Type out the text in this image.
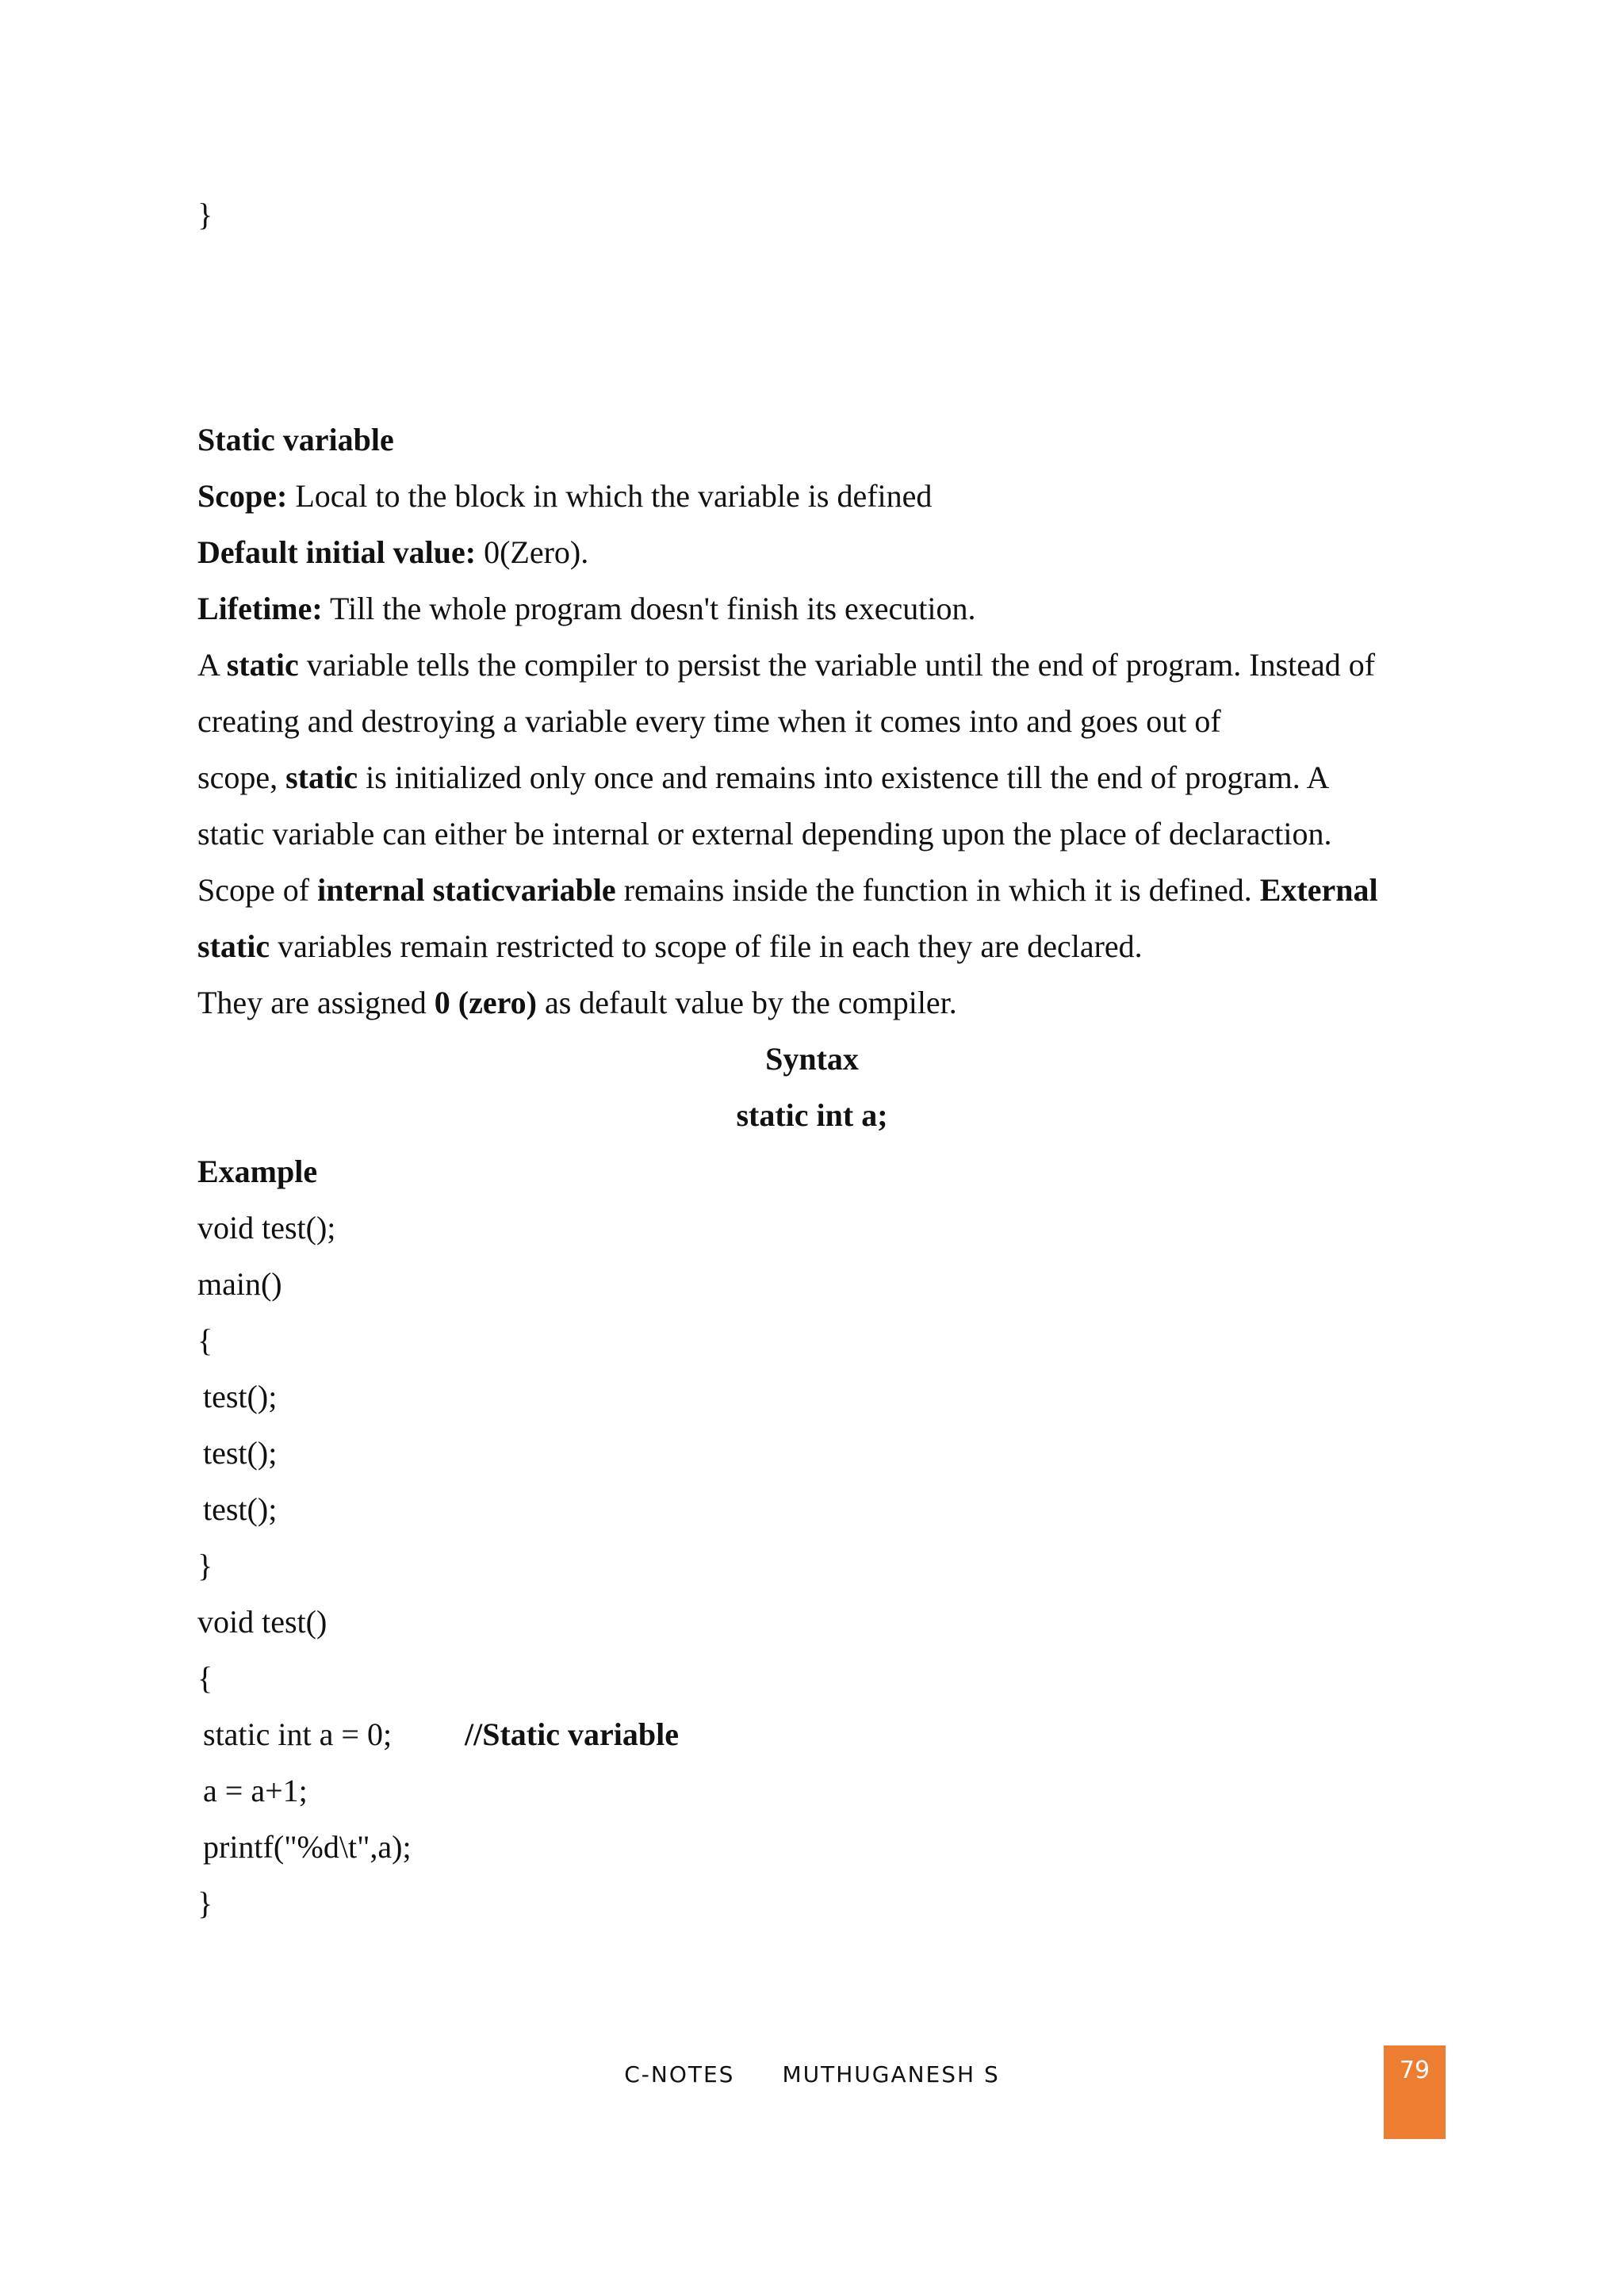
}
Static variable
Scope: Local to the block in which the variable is defined
Default initial value: 0(Zero).
Lifetime: Till the whole program doesn't finish its execution.
A static variable tells the compiler to persist the variable until the end of program. Instead of
creating and destroying a variable every time when it comes into and goes out of
scope, static is initialized only once and remains into existence till the end of program. A
static variable can either be internal or external depending upon the place of declaraction.
Scope of internal staticvariable remains inside the function in which it is defined. External
static variables remain restricted to scope of file in each they are declared.
They are assigned 0 (zero) as default value by the compiler.
Syntax
static int a;
Example
void test();
main()
{
test();
test();
test();
}
void test()
{
static int a = 0; //Static variable
a = a+1;
printf("%d\t",a);
}
C-NOTES MUTHUGANESH S	79
